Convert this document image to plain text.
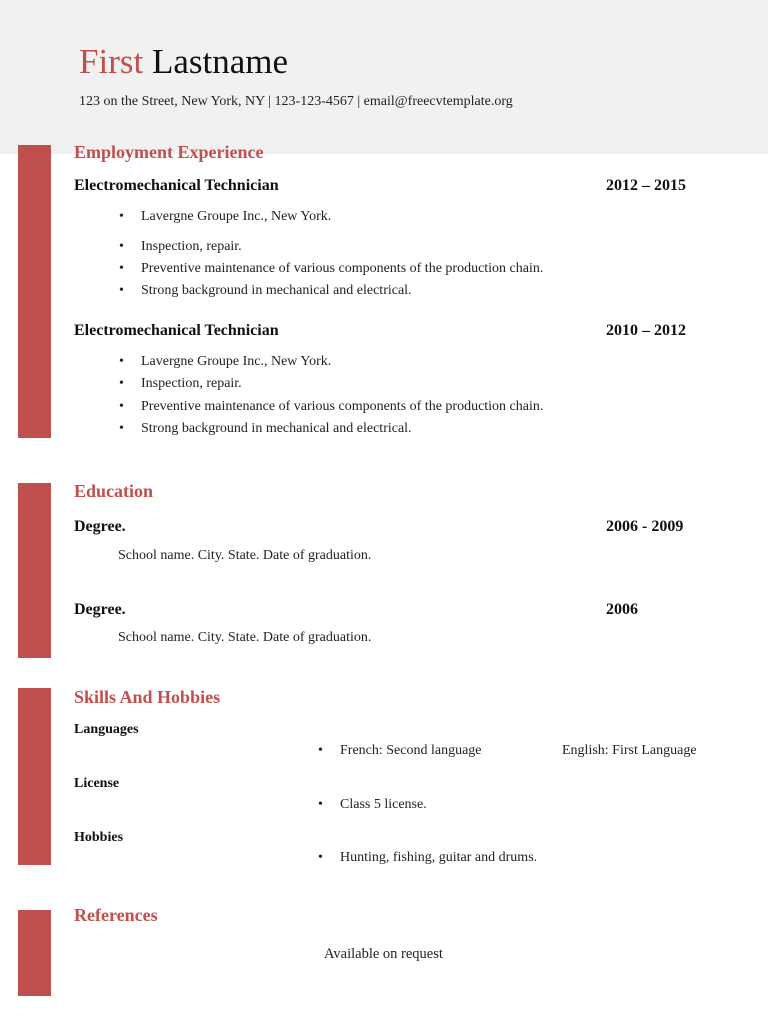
First Lastname
123 on the Street, New York, NY | 123-123-4567 | email@freecvtemplate.org
Employment Experience
Electromechanical Technician	2012 – 2015
• Lavergne Groupe Inc., New York.
• Inspection, repair.
• Preventive maintenance of various components of the production chain.
• Strong background in mechanical and electrical.
Electromechanical Technician	2010 – 2012
• Lavergne Groupe Inc., New York.
• Inspection, repair.
• Preventive maintenance of various components of the production chain.
• Strong background in mechanical and electrical.
Education
Degree.	2006 - 2009
School name. City. State. Date of graduation.
Degree.	2006
School name. City. State. Date of graduation.
Skills And Hobbies
Languages
• French: Second language	English: First Language
License
• Class 5 license.
Hobbies
• Hunting, fishing, guitar and drums.
References
Available on request
